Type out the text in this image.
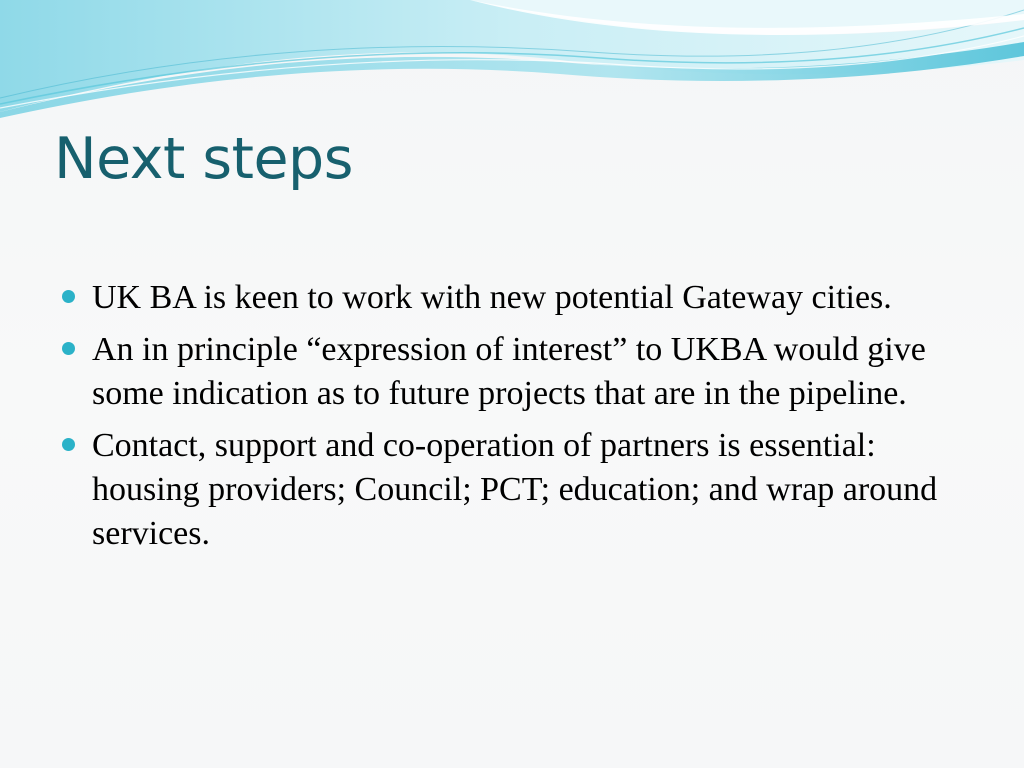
Next steps
UK BA is keen to work with new potential Gateway cities.
An in principle “expression of interest” to UKBA would give some indication as to future projects that are in the pipeline.
Contact, support and co-operation of partners is essential: housing providers; Council; PCT; education; and wrap around services.
